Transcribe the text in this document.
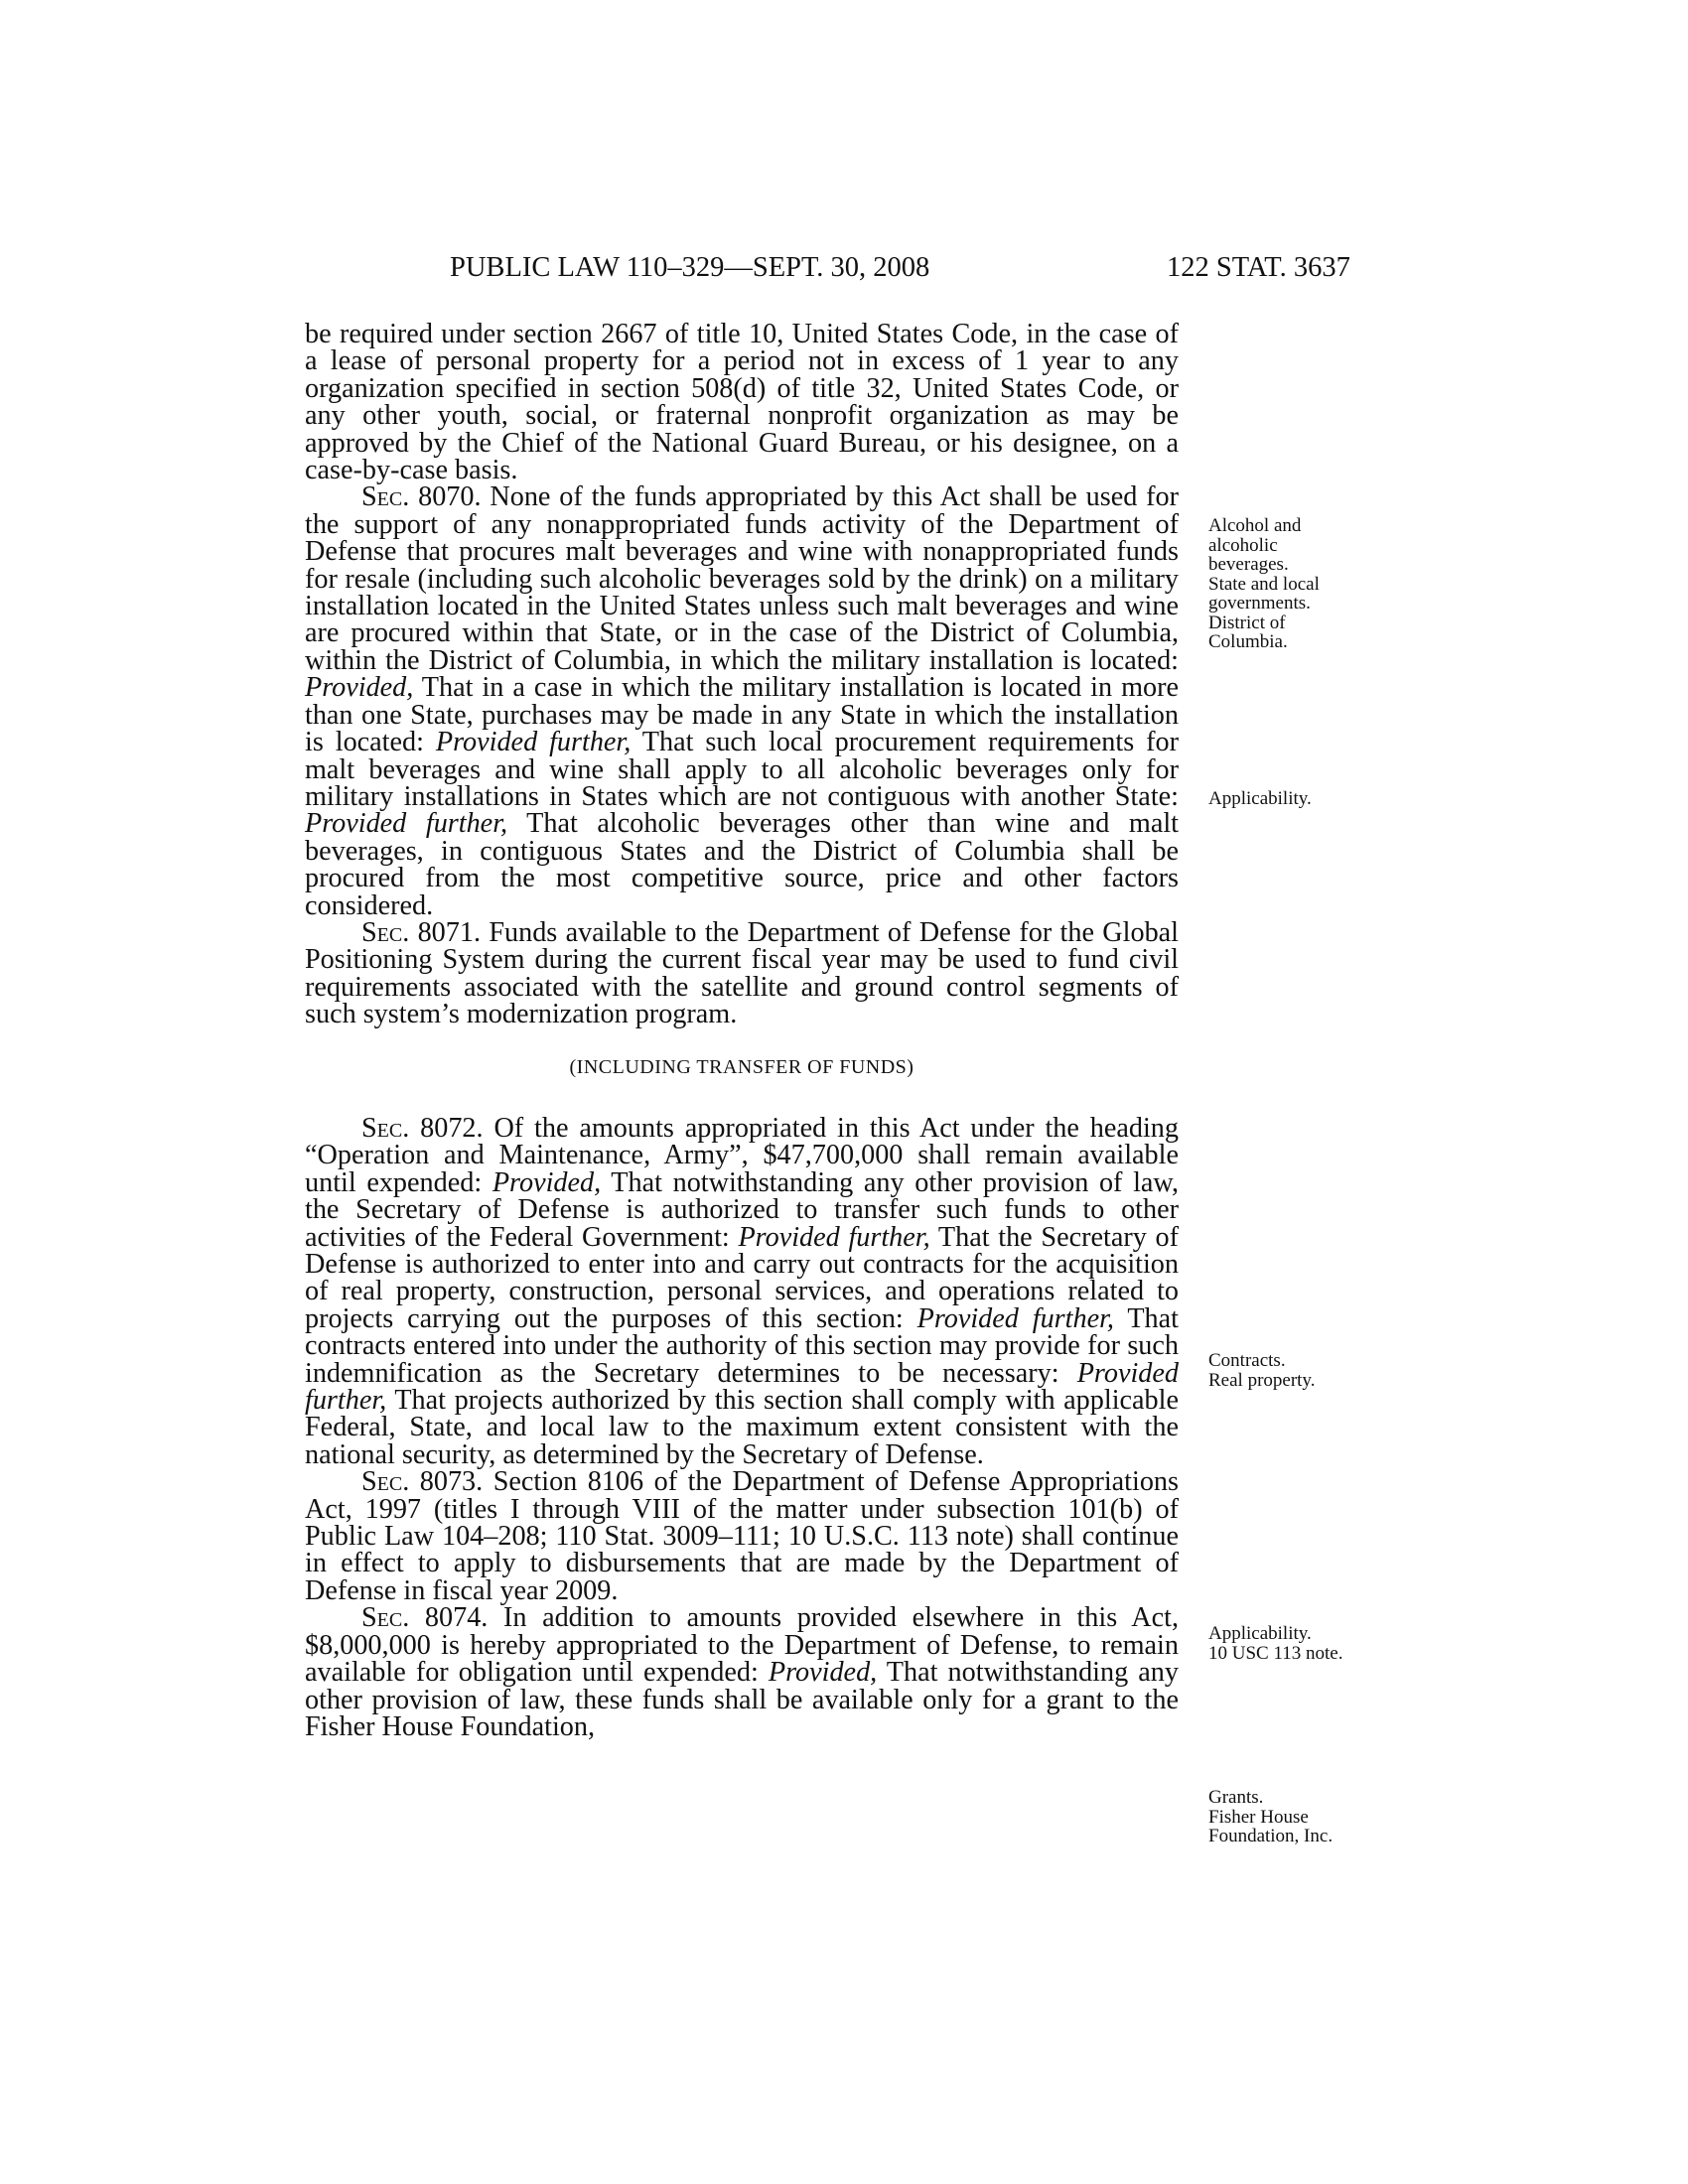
PUBLIC LAW 110–329—SEPT. 30, 2008	122 STAT. 3637

be required under section 2667 of title 10, United States Code, in the case of a lease of personal property for a period not in excess of 1 year to any organization specified in section 508(d) of title 32, United States Code, or any other youth, social, or fraternal nonprofit organization as may be approved by the Chief of the National Guard Bureau, or his designee, on a case-by-case basis.

Sec. 8070. None of the funds appropriated by this Act shall be used for the support of any nonappropriated funds activity of the Department of Defense that procures malt beverages and wine with nonappropriated funds for resale (including such alcoholic beverages sold by the drink) on a military installation located in the United States unless such malt beverages and wine are procured within that State, or in the case of the District of Columbia, within the District of Columbia, in which the military installation is located: Provided, That in a case in which the military installation is located in more than one State, purchases may be made in any State in which the installation is located: Provided further, That such local procurement requirements for malt beverages and wine shall apply to all alcoholic beverages only for military installations in States which are not contiguous with another State: Provided further, That alcoholic beverages other than wine and malt beverages, in contiguous States and the District of Columbia shall be procured from the most competitive source, price and other factors considered.

Sec. 8071. Funds available to the Department of Defense for the Global Positioning System during the current fiscal year may be used to fund civil requirements associated with the satellite and ground control segments of such system’s modernization program.

(INCLUDING TRANSFER OF FUNDS)

Sec. 8072. Of the amounts appropriated in this Act under the heading “Operation and Maintenance, Army”, $47,700,000 shall remain available until expended: Provided, That notwithstanding any other provision of law, the Secretary of Defense is authorized to transfer such funds to other activities of the Federal Government: Provided further, That the Secretary of Defense is authorized to enter into and carry out contracts for the acquisition of real property, construction, personal services, and operations related to projects carrying out the purposes of this section: Provided further, That contracts entered into under the authority of this section may provide for such indemnification as the Secretary determines to be necessary: Provided further, That projects authorized by this section shall comply with applicable Federal, State, and local law to the maximum extent consistent with the national security, as determined by the Secretary of Defense.

Sec. 8073. Section 8106 of the Department of Defense Appropriations Act, 1997 (titles I through VIII of the matter under subsection 101(b) of Public Law 104–208; 110 Stat. 3009–111; 10 U.S.C. 113 note) shall continue in effect to apply to disbursements that are made by the Department of Defense in fiscal year 2009.

Sec. 8074. In addition to amounts provided elsewhere in this Act, $8,000,000 is hereby appropriated to the Department of Defense, to remain available for obligation until expended: Provided, That notwithstanding any other provision of law, these funds shall be available only for a grant to the Fisher House Foundation,

Alcohol and
alcoholic
beverages.
State and local
governments.
District of
Columbia.
Applicability.
Contracts.
Real property.
Applicability.
10 USC 113 note.
Grants.
Fisher House
Foundation, Inc.
